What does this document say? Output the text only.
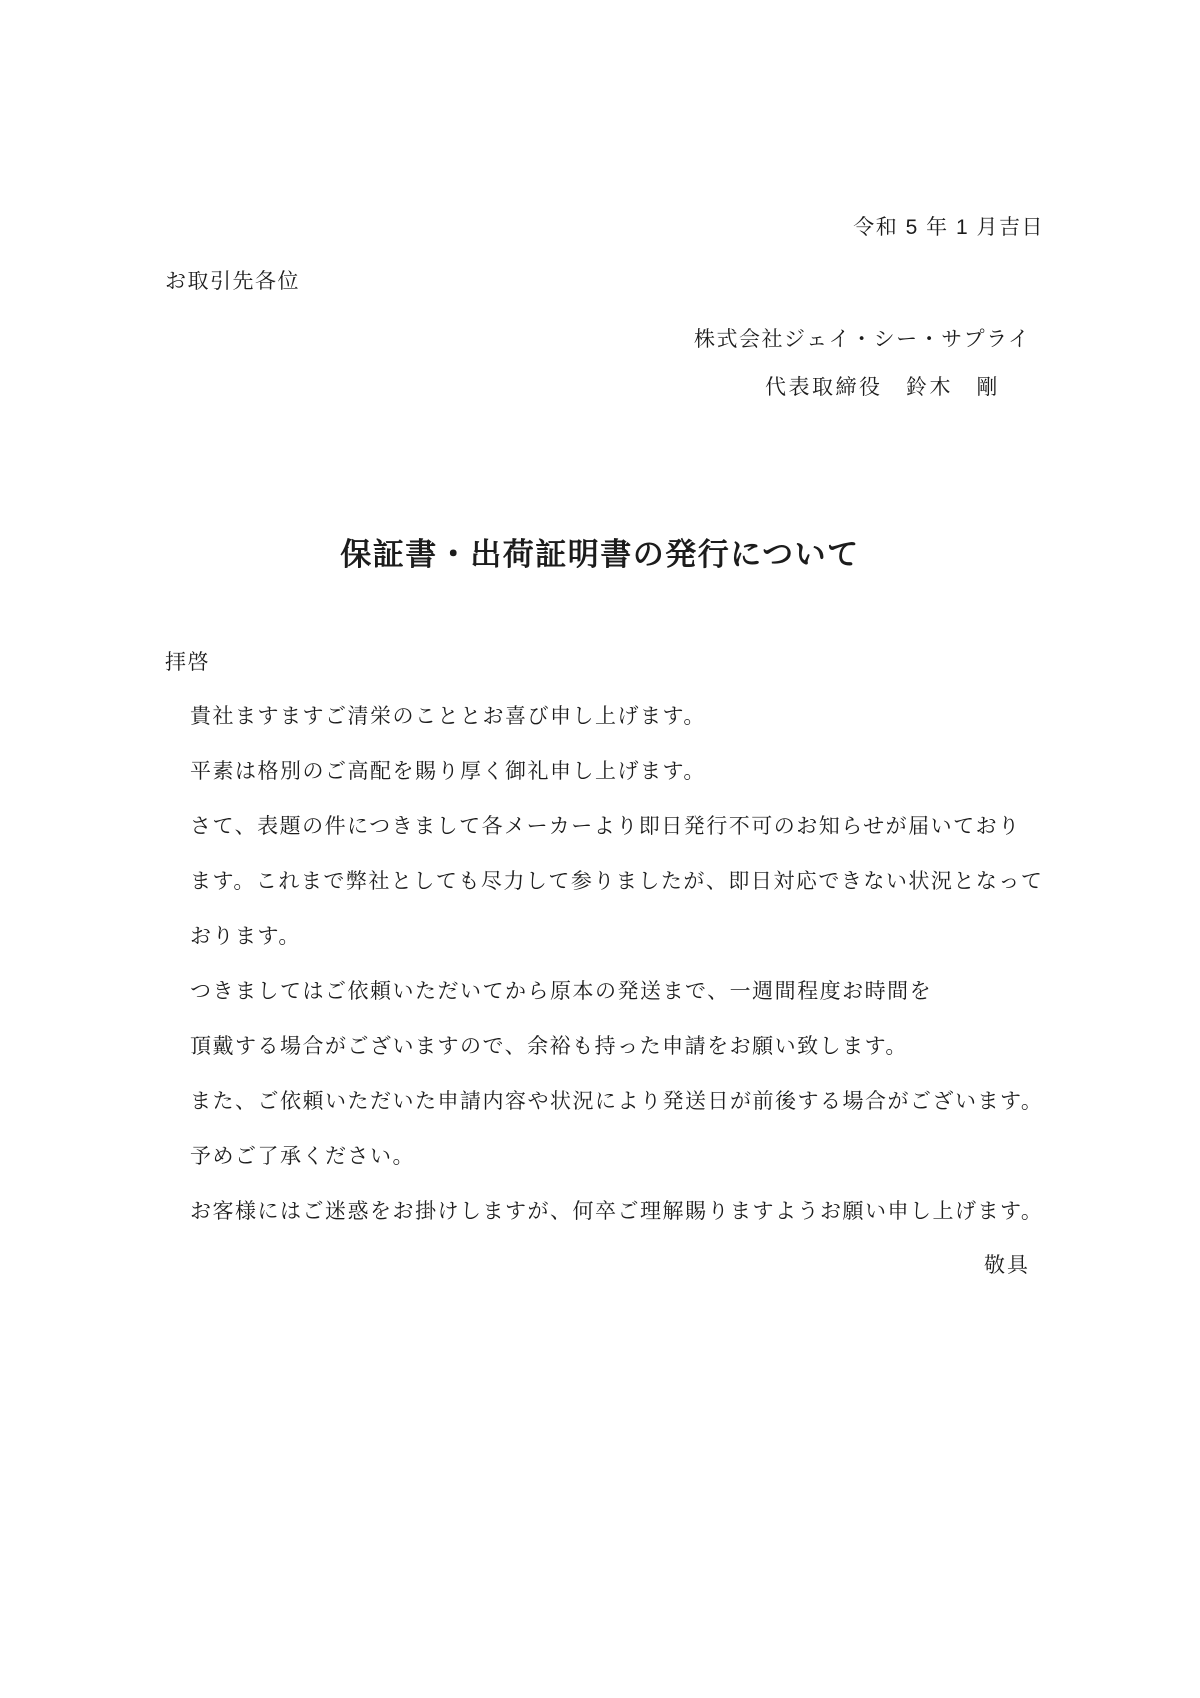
令和 5 年 1 月吉日
お取引先各位
株式会社ジェイ・シー・サプライ
代表取締役　鈴木　剛
保証書・出荷証明書の発行について
拝啓
貴社ますますご清栄のこととお喜び申し上げます。
平素は格別のご高配を賜り厚く御礼申し上げます。
さて、表題の件につきまして各メーカーより即日発行不可のお知らせが届いており
ます。これまで弊社としても尽力して参りましたが、即日対応できない状況となって
おります。
つきましてはご依頼いただいてから原本の発送まで、一週間程度お時間を
頂戴する場合がございますので、余裕も持った申請をお願い致します。
また、ご依頼いただいた申請内容や状況により発送日が前後する場合がございます。
予めご了承ください。
お客様にはご迷惑をお掛けしますが、何卒ご理解賜りますようお願い申し上げます。
敬具
